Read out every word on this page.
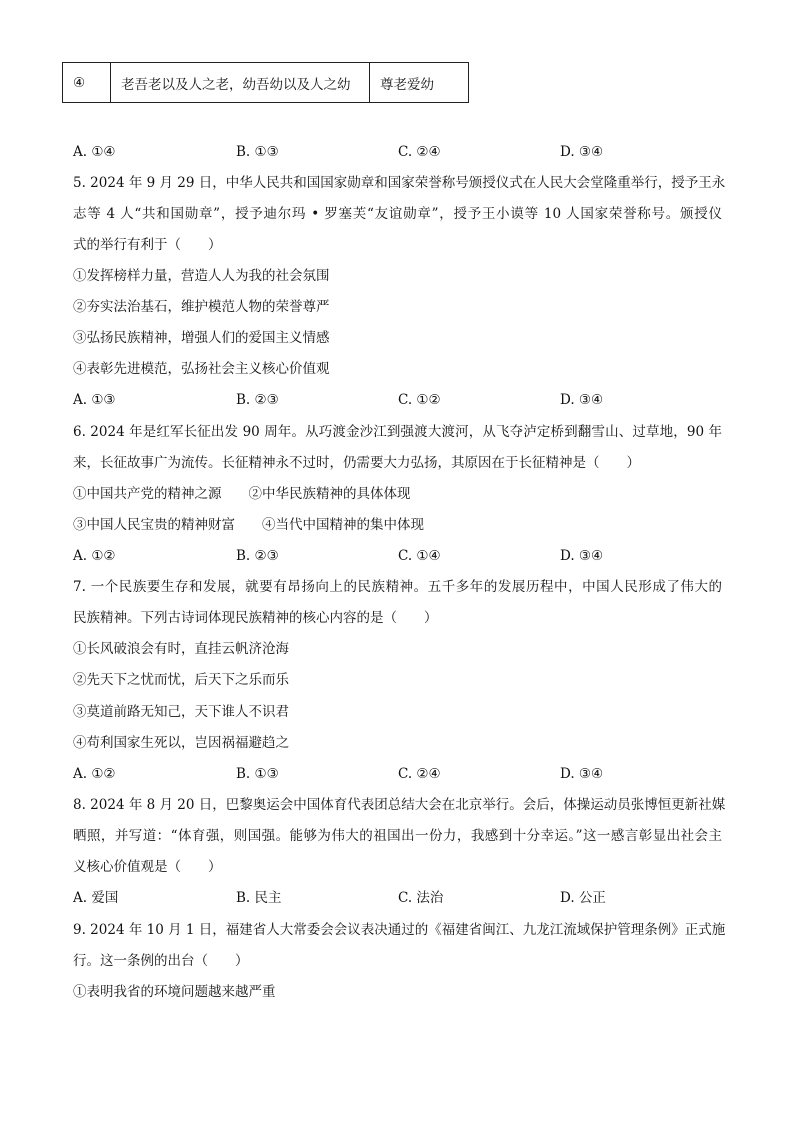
④	老吾老以及人之老，幼吾幼以及人之幼	尊老爱幼
A. ①④	B. ①③	C. ②④	D. ③④
5. 2024 年 9 月 29 日，中华人民共和国国家勋章和国家荣誉称号颁授仪式在人民大会堂隆重举行，授予王永
志等 4 人“共和国勋章”，授予迪尔玛 • 罗塞芙“友谊勋章”，授予王小谟等 10 人国家荣誉称号。颁授仪
式的举行有利于（　　）
①发挥榜样力量，营造人人为我的社会氛围
②夯实法治基石，维护模范人物的荣誉尊严
③弘扬民族精神，增强人们的爱国主义情感
④表彰先进模范，弘扬社会主义核心价值观
A. ①③	B. ②③	C. ①②	D. ③④
6. 2024 年是红军长征出发 90 周年。从巧渡金沙江到强渡大渡河，从飞夺泸定桥到翻雪山、过草地，90 年
来，长征故事广为流传。长征精神永不过时，仍需要大力弘扬，其原因在于长征精神是（　　）
①中国共产党的精神之源　　②中华民族精神的具体体现
③中国人民宝贵的精神财富　　④当代中国精神的集中体现
A. ①②	B. ②③	C. ①④	D. ③④
7. 一个民族要生存和发展，就要有昂扬向上的民族精神。五千多年的发展历程中，中国人民形成了伟大的
民族精神。下列古诗词体现民族精神的核心内容的是（　　）
①长风破浪会有时，直挂云帆济沧海
②先天下之忧而忧，后天下之乐而乐
③莫道前路无知己，天下谁人不识君
④苟利国家生死以，岂因祸福避趋之
A. ①②	B. ①③	C. ②④	D. ③④
8. 2024 年 8 月 20 日，巴黎奥运会中国体育代表团总结大会在北京举行。会后，体操运动员张博恒更新社媒
晒照，并写道：“体育强，则国强。能够为伟大的祖国出一份力，我感到十分幸运。”这一感言彰显出社会主
义核心价值观是（　　）
A. 爱国	B. 民主	C. 法治	D. 公正
9. 2024 年 10 月 1 日，福建省人大常委会会议表决通过的《福建省闽江、九龙江流域保护管理条例》正式施
行。这一条例的出台（　　）
①表明我省的环境问题越来越严重
